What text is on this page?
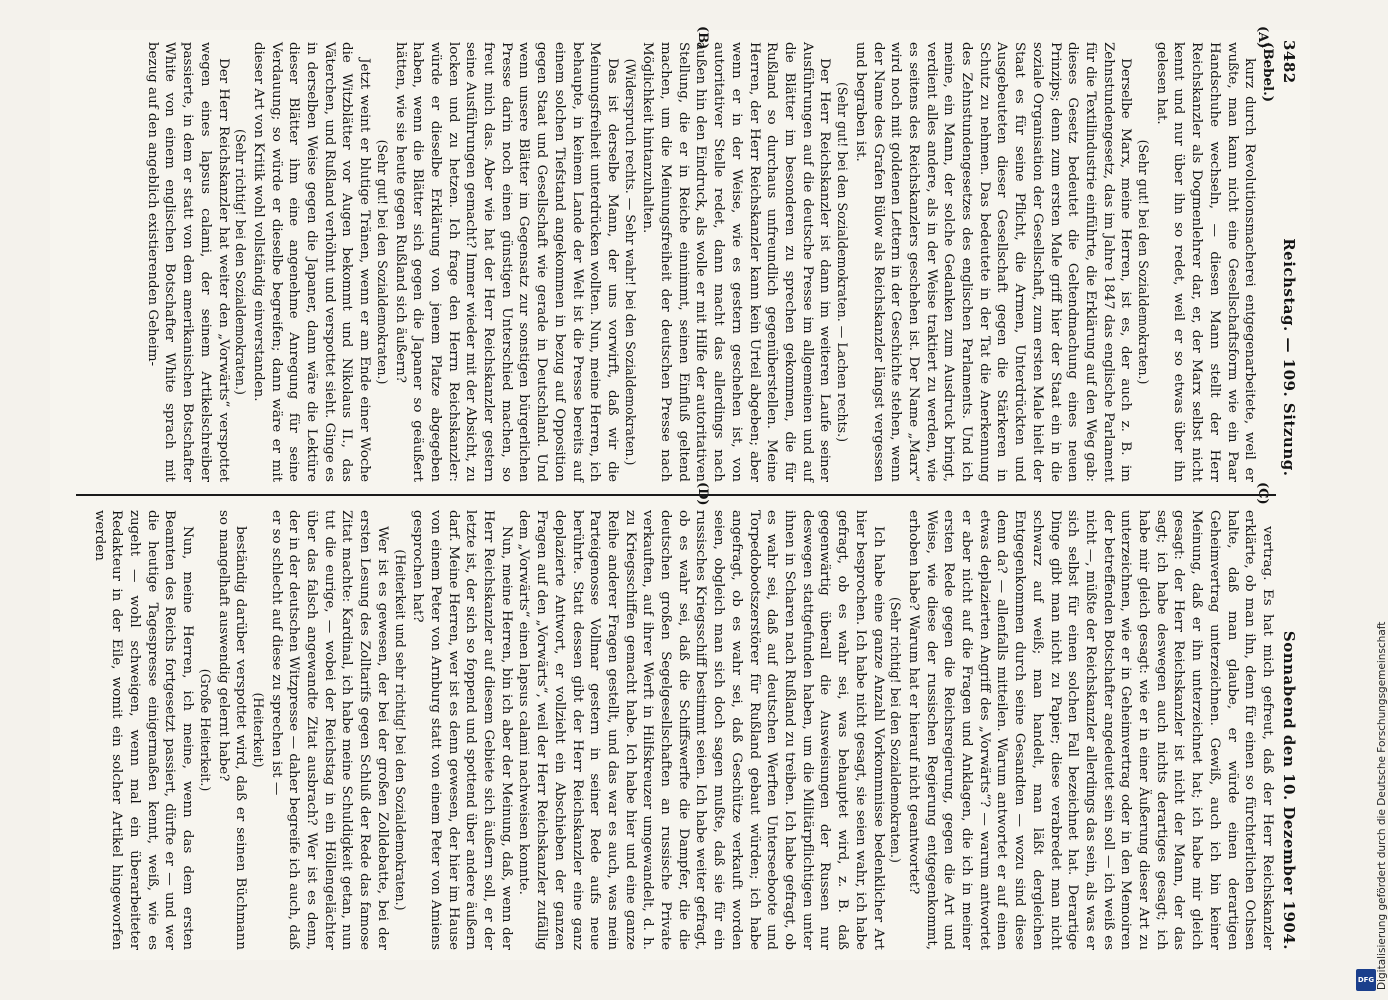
3482
Reichstag. — 109. Sitzung.
Sonnabend den 10. Dezember 1904.
(A)
(B)
(C)
(D)

(Bebel.)

kurz durch Revolutionsmacherei entgegenarbeitete, weil er wußte, man kann nicht eine Gesellschaftsform wie ein Paar Handschuhe wechseln, — diesen Mann stellt der Herr Reichskanzler als Dogmenlehrer dar, er, der Marx selbst nicht kennt und nur über ihn so redet, weil er so etwas über ihn gelesen hat.

(Sehr gut! bei den Sozialdemokraten.)

Derselbe Marx, meine Herren, ist es, der auch z. B. im Zehnstundengesetz, das im Jahre 1847 das englische Parlament für die Textilindustrie einführte, die Erklärung auf den Weg gab: dieses Gesetz bedeutet die Geltendmachung eines neuen Prinzips; denn zum ersten Male griff hier der Staat ein in die soziale Organisation der Gesellschaft, zum ersten Male hielt der Staat es für seine Pflicht, die Armen, Unterdrückten und Ausgebeuteten dieser Gesellschaft gegen die Stärkeren in Schutz zu nehmen. Das bedeutete in der Tat die Anerkennung des Zehnstundengesetzes des englischen Parlaments. Und ich meine, ein Mann, der solche Gedanken zum Ausdruck bringt, verdient alles andere, als in der Weise traktiert zu werden, wie es seitens des Reichskanzlers geschehen ist. Der Name „Marx“ wird noch mit goldenen Lettern in der Geschichte stehen, wenn der Name des Grafen Bülow als Reichskanzler längst vergessen und begraben ist.

(Sehr gut! bei den Sozialdemokraten. — Lachen rechts.)

Der Herr Reichskanzler ist dann im weiteren Laufe seiner Ausführungen auf die deutsche Presse im allgemeinen und auf die Blätter im besonderen zu sprechen gekommen, die für Rußland so durchaus unfreundlich gegenüberstellen. Meine Herren, der Herr Reichskanzler kann kein Urteil abgeben; aber wenn er in der Weise, wie es gestern geschehen ist, von autoritativer Stelle redet, dann macht das allerdings nach außen hin den Eindruck, als wolle er mit Hilfe der autoritativen Stellung, die er in Reiche einnimmt, seinen Einfluß geltend machen, um die Meinungsfreiheit der deutschen Presse nach Möglichkeit hintanzuhalten.

(Widerspruch rechts. — Sehr wahr! bei den Sozialdemokraten.)

Das ist derselbe Mann, der uns vorwirft, daß wir die Meinungsfreiheit unterdrücken wollten. Nun, meine Herren, ich behaupte, in keinem Lande der Welt ist die Presse bereits auf einem solchen Tiefstand angekommen in bezug auf Opposition gegen Staat und Gesellschaft wie gerade in Deutschland. Und wenn unsere Blätter im Gegensatz zur sonstigen bürgerlichen Presse darin noch einen günstigen Unterschied machen, so freut mich das. Aber wie hat der Herr Reichskanzler gestern seine Ausführungen gemacht? Immer wieder mit der Absicht, zu locken und zu hetzen. Ich frage den Herrn Reichskanzler: würde er dieselbe Erklärung von jenem Platze abgegeben haben, wenn die Blätter sich gegen die Japaner so geäußert hätten, wie sie heute gegen Rußland sich äußern?

(Sehr gut! bei den Sozialdemokraten.)

Jetzt weint er blutige Tränen, wenn er am Ende einer Woche die Witzblätter vor Augen bekommt und Nikolaus II., das Väterchen, und Rußland verhöhnt und verspottet sieht. Ginge es in derselben Weise gegen die Japaner, dann wäre die Lektüre dieser Blätter ihm eine angenehme Anregung für seine Verdauung; so würde er dieselbe begreifen; dann wäre er mit dieser Art von Kritik wohl vollständig einverstanden.

(Sehr richtig! bei den Sozialdemokraten.)

Der Herr Reichskanzler hat weiter den „Vorwärts“ verspottet wegen eines lapsus calami, der seinem Artikelschreiber passierte, in dem er statt von dem amerikanischen Botschafter White von einem englischen Botschafter White sprach mit bezug auf den angeblich existierenden Geheim-

vertrag. Es hat mich gefreut, daß der Herr Reichskanzler erklärte, ob man ihn, denn für einen so fürchterlichen Ochsen halte, daß man glaube, er würde einen derartigen Geheimvertrag unterzeichnen. Gewiß, auch ich bin keiner Meinung, daß er ihn unterzeichnet hat; ich habe mir gleich gesagt: der Herr Reichskanzler ist nicht der Mann, der das sagt; ich habe deswegen auch nichts derartiges gesagt; ich habe mir gleich gesagt: wie er in einer Äußerung dieser Art zu unterzeichnen, wie er in Geheimvertrag oder in den Memoiren der betreffenden Botschafter angedeutet sein soll — ich weiß es nicht —, müßte der Reichskanzler allerdings das sein, als was er sich selbst für einen solchen Fall bezeichnet hat. Derartige Dinge gibt man nicht zu Papier; diese verabredet man nicht schwarz auf weiß; man handelt, man läßt dergleichen Entgegenkommen durch seine Gesandten — wozu sind diese denn da? — allenfalls mitteilen. Warum antwortet er auf einen etwas deplazierten Angriff des „Vorwärts“? — warum antwortet er aber nicht auf die Fragen und Anklagen, die ich in meiner ersten Rede gegen die Reichsregierung, gegen die Art und Weise, wie diese der russischen Regierung entgegenkommt, erhoben habe? Warum hat er hierauf nicht geantwortet?

(Sehr richtig! bei den Sozialdemokraten.)

Ich habe eine ganze Anzahl Vorkommnisse bedenklicher Art hier besprochen. Ich habe nicht gesagt, sie seien wahr, ich habe gefragt, ob es wahr sei, was behauptet wird, z. B. daß gegenwärtig überall die Ausweisungen der Russen nur deswegen stattgefunden haben, um die Militärpflichtigen unter ihnen in Scharen nach Rußland zu treiben. Ich habe gefragt, ob es wahr sei, daß auf deutschen Werften Unterseeboote und Torpedobootszerstörer für Rußland gebaut würden; ich habe angefragt, ob es wahr sei, daß Geschütze verkauft worden seien, obgleich man sich doch sagen mußte, daß sie für ein russisches Kriegsschiff bestimmt seien. Ich habe weiter gefragt, ob es wahr sei, daß die Schiffswerfte die Dampfer, die die deutschen großen Segelgesellschaften an russische Private verkauften, auf ihrer Werft in Hilfskreuzer umgewandelt, d. h. zu Kriegsschiffen gemacht habe. Ich habe hier und eine ganze Reihe anderer Fragen gestellt, und das war es auch, was mein Parteigenosse Vollmar gestern in seiner Rede aufs neue berührte. Statt dessen gibt der Herr Reichskanzler eine ganz deplazierte Antwort, er vollzieht ein Abschieben der ganzen Fragen auf den „Vorwärts“, weil der Herr Reichskanzler zufällig dem „Vorwärts“ einen lapsus calami nachweisen konnte.

Nun, meine Herren, bin ich aber der Meinung, daß, wenn der Herr Reichskanzler auf diesem Gebiete sich äußern soll, er der letzte ist, der sich so foppend und spottend über andere äußern darf. Meine Herren, wer ist es denn gewesen, der hier im Hause von einem Peter von Arnburg statt von einem Peter von Amiens gesprochen hat?

(Heiterkeit und sehr richtig! bei den Sozialdemokraten.)

Wer ist es gewesen, der bei der großen Zolldebatte, bei der ersten Lesung des Zolltarifs gegen Schluß der Rede das famose Zitat machte: Kardinal, ich habe meine Schuldigkeit getan, nun tut die eurige, — wobei der Reichstag in ein Höllengelächter über das falsch angewandte Zitat ausbrach? Wer ist es denn, der in der deutschen Witzpresse — daher begreife ich auch, daß er so schlecht auf diese zu sprechen ist —

(Heiterkeit)

beständig darüber verspottet wird, daß er seinen Büchmann so mangelhaft auswendig gelernt habe?

(Große Heiterkeit.)

Nun, meine Herren, ich meine, wenn das dem ersten Beamten des Reichs fortgesetzt passiert, dürfte er — und wer die heutige Tagespresse einigermaßen kennt, weiß, wie es zugeht — wohl schweigen, wenn mal ein überarbeiteter Redakteur in der Eile, womit ein solcher Artikel hingeworfen werden

Digitalisierung gefördert durch die Deutsche Forschungsgemeinschaft
DFG
